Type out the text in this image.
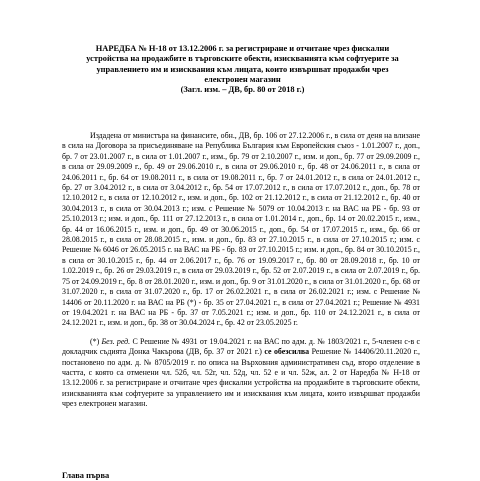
НАРЕДБА № Н-18 от 13.12.2006 г. за регистриране и отчитане чрез фискални
устройства на продажбите в търговските обекти, изискванията към софтуерите за
управлението им и изисквания към лицата, които извършват продажби чрез
електронен магазин
(Загл. изм. – ДВ, бр. 80 от 2018 г.)

Издадена от министъра на финансите, обн., ДВ, бр. 106 от 27.12.2006 г., в сила от деня на влизане в сила на Договора за присъединяване на Република България към Европейския съюз - 1.01.2007 г., доп., бр. 7 от 23.01.2007 г., в сила от 1.01.2007 г., изм., бр. 79 от 2.10.2007 г., изм. и доп., бр. 77 от 29.09.2009 г., в сила от 29.09.2009 г., бр. 49 от 29.06.2010 г., в сила от 29.06.2010 г., бр. 48 от 24.06.2011 г., в сила от 24.06.2011 г., бр. 64 от 19.08.2011 г., в сила от 19.08.2011 г., бр. 7 от 24.01.2012 г., в сила от 24.01.2012 г., бр. 27 от 3.04.2012 г., в сила от 3.04.2012 г., бр. 54 от 17.07.2012 г., в сила от 17.07.2012 г., доп., бр. 78 от 12.10.2012 г., в сила от 12.10.2012 г., изм. и доп., бр. 102 от 21.12.2012 г., в сила от 21.12.2012 г., бр. 40 от 30.04.2013 г., в сила от 30.04.2013 г.; изм. с Решение № 5079 от 10.04.2013 г. на ВАС на РБ - бр. 93 от 25.10.2013 г.; изм. и доп., бр. 111 от 27.12.2013 г., в сила от 1.01.2014 г., доп., бр. 14 от 20.02.2015 г., изм., бр. 44 от 16.06.2015 г., изм. и доп., бр. 49 от 30.06.2015 г., доп., бр. 54 от 17.07.2015 г., изм., бр. 66 от 28.08.2015 г., в сила от 28.08.2015 г., изм. и доп., бр. 83 от 27.10.2015 г., в сила от 27.10.2015 г.; изм. с Решение № 6046 от 26.05.2015 г. на ВАС на РБ - бр. 83 от 27.10.2015 г.; изм. и доп., бр. 84 от 30.10.2015 г., в сила от 30.10.2015 г., бр. 44 от 2.06.2017 г., бр. 76 от 19.09.2017 г., бр. 80 от 28.09.2018 г., бр. 10 от 1.02.2019 г., бр. 26 от 29.03.2019 г., в сила от 29.03.2019 г., бр. 52 от 2.07.2019 г., в сила от 2.07.2019 г., бр. 75 от 24.09.2019 г., бр. 8 от 28.01.2020 г., изм. и доп., бр. 9 от 31.01.2020 г., в сила от 31.01.2020 г., бр. 68 от 31.07.2020 г., в сила от 31.07.2020 г., бр. 17 от 26.02.2021 г., в сила от 26.02.2021 г.; изм. с Решение № 14406 от 20.11.2020 г. на ВАС на РБ (*) - бр. 35 от 27.04.2021 г., в сила от 27.04.2021 г.; Решение № 4931 от 19.04.2021 г. на ВАС на РБ - бр. 37 от 7.05.2021 г.; изм. и доп., бр. 110 от 24.12.2021 г., в сила от 24.12.2021 г., изм. и доп., бр. 38 от 30.04.2024 г., бр. 42 от 23.05.2025 г.

(*) Без. ред. С Решение № 4931 от 19.04.2021 г. на ВАС по адм. д. № 1803/2021 г., 5-членен с-в с докладчик съдията Донка Чакърова (ДВ, бр. 37 от 2021 г.) се обезсилва Решение № 14406/20.11.2020 г., постановено по адм. д. № 8705/2019 г. по описа на Върховния административен съд, второ отделение в частта, с която са отменени чл. 52б, чл. 52г, чл. 52д, чл. 52 е и чл. 52ж, ал. 2 от Наредба № Н-18 от 13.12.2006 г. за регистриране и отчитане чрез фискални устройства на продажбите в търговските обекти, изискванията към софтуерите за управлението им и изисквания към лицата, които извършват продажби чрез електронен магазин.

Глава първа
